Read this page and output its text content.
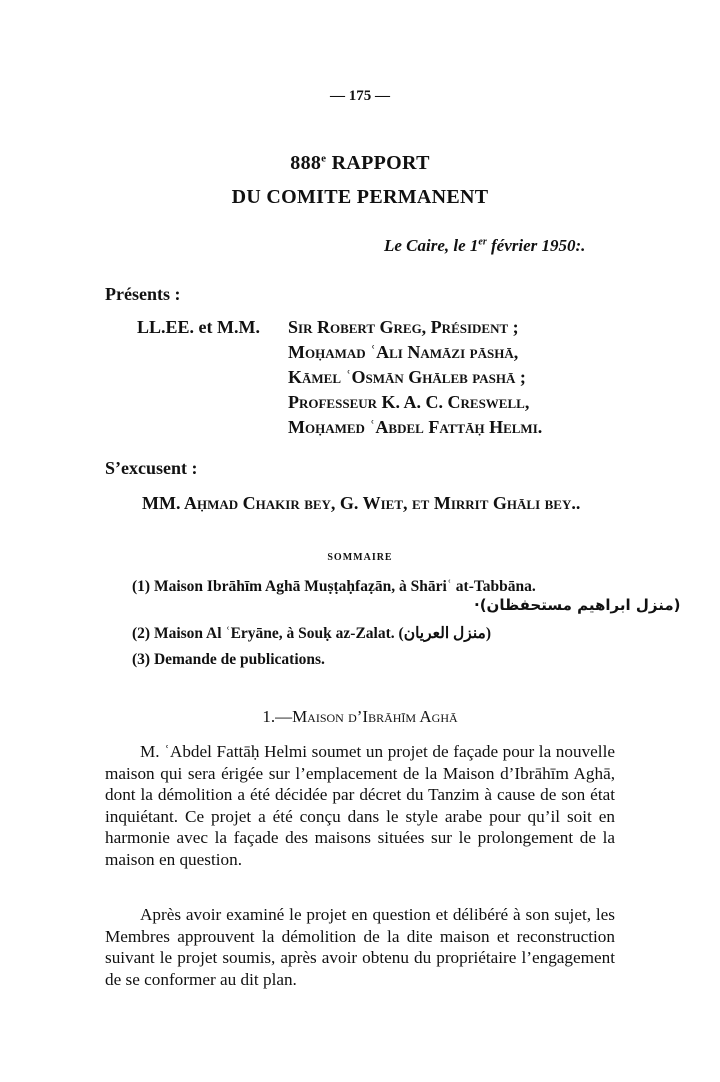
— 175 —
888e RAPPORT
DU COMITE PERMANENT
Le Caire, le 1er février 1950:.
Présents :
LL.EE. et M.M. Sir Robert Greg, Président ;
Moḥamad ʿAli Namāzi pāshā,
Kāmel ʿOsmān Ghāleb pashā ;
Professeur K. A. C. Creswell,
Moḥamed ʿAbdel Fattāḥ Helmi.
S’excusent :
MM. Aḥmad Chakir bey, G. Wiet, et Mirrit Ghāli bey..
SOMMAIRE
(1) Maison Ibrāhīm Aghā Muṣṭaḥfaẓān, à Shāriʿ at-Tabbāna.
(منزل ابراهيم مستحفظان)·
(2) Maison Al ʿEryāne, à Souḳ az-Zalat. (منزل العريان)
(3) Demande de publications.
1.—Maison d’Ibrāhīm Aghā

M. ʿAbdel Fattāḥ Helmi soumet un projet de façade pour la nouvelle maison qui sera érigée sur l’emplacement de la Maison d’Ibrāhīm Aghā, dont la démolition a été décidée par décret du Tanzim à cause de son état inquiétant. Ce projet a été conçu dans le style arabe pour qu’il soit en harmonie avec la façade des maisons situées sur le prolongement de la maison en question.

Après avoir examiné le projet en question et délibéré à son sujet, les Membres approuvent la démolition de la dite maison et reconstruction suivant le projet soumis, après avoir obtenu du propriétaire l’engagement de se conformer au dit plan.
